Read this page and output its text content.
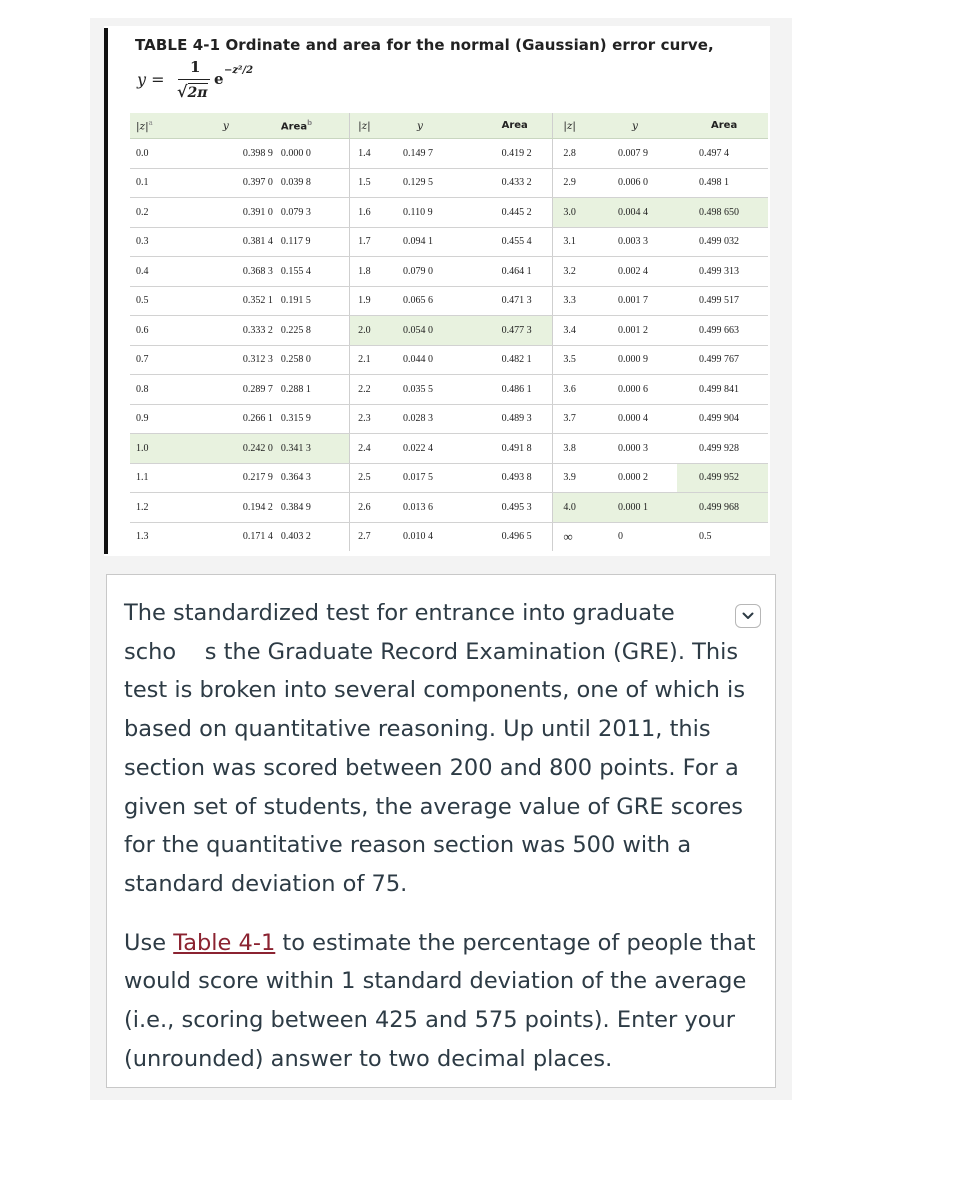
TABLE 4-1 Ordinate and area for the normal (Gaussian) error curve,
y =
1
√2π
e −z²/2
$|z|^a$	y	Area$^b$	|z|	y	Area	|z|	y	Area
0.0	0.398 9	0.000 0	1.4	0.149 7	0.419 2	2.8	0.007 9	0.497 4
0.1	0.397 0	0.039 8	1.5	0.129 5	0.433 2	2.9	0.006 0	0.498 1
0.2	0.391 0	0.079 3	1.6	0.110 9	0.445 2	3.0	0.004 4	0.498 650
0.3	0.381 4	0.117 9	1.7	0.094 1	0.455 4	3.1	0.003 3	0.499 032
0.4	0.368 3	0.155 4	1.8	0.079 0	0.464 1	3.2	0.002 4	0.499 313
0.5	0.352 1	0.191 5	1.9	0.065 6	0.471 3	3.3	0.001 7	0.499 517
0.6	0.333 2	0.225 8	2.0	0.054 0	0.477 3	3.4	0.001 2	0.499 663
0.7	0.312 3	0.258 0	2.1	0.044 0	0.482 1	3.5	0.000 9	0.499 767
0.8	0.289 7	0.288 1	2.2	0.035 5	0.486 1	3.6	0.000 6	0.499 841
0.9	0.266 1	0.315 9	2.3	0.028 3	0.489 3	3.7	0.000 4	0.499 904
1.0	0.242 0	0.341 3	2.4	0.022 4	0.491 8	3.8	0.000 3	0.499 928
1.1	0.217 9	0.364 3	2.5	0.017 5	0.493 8	3.9	0.000 2	0.499 952
1.2	0.194 2	0.384 9	2.6	0.013 6	0.495 3	4.0	0.000 1	0.499 968
1.3	0.171 4	0.403 2	2.7	0.010 4	0.496 5	∞	0	0.5

The standardized test for entrance into graduate scho s the Graduate Record Examination (GRE). This test is broken into several components, one of which is based on quantitative reasoning. Up until 2011, this section was scored between 200 and 800 points. For a given set of students, the average value of GRE scores for the quantitative reason section was 500 with a standard deviation of 75.

Use Table 4-1 to estimate the percentage of people that would score within 1 standard deviation of the average (i.e., scoring between 425 and 575 points). Enter your (unrounded) answer to two decimal places.
